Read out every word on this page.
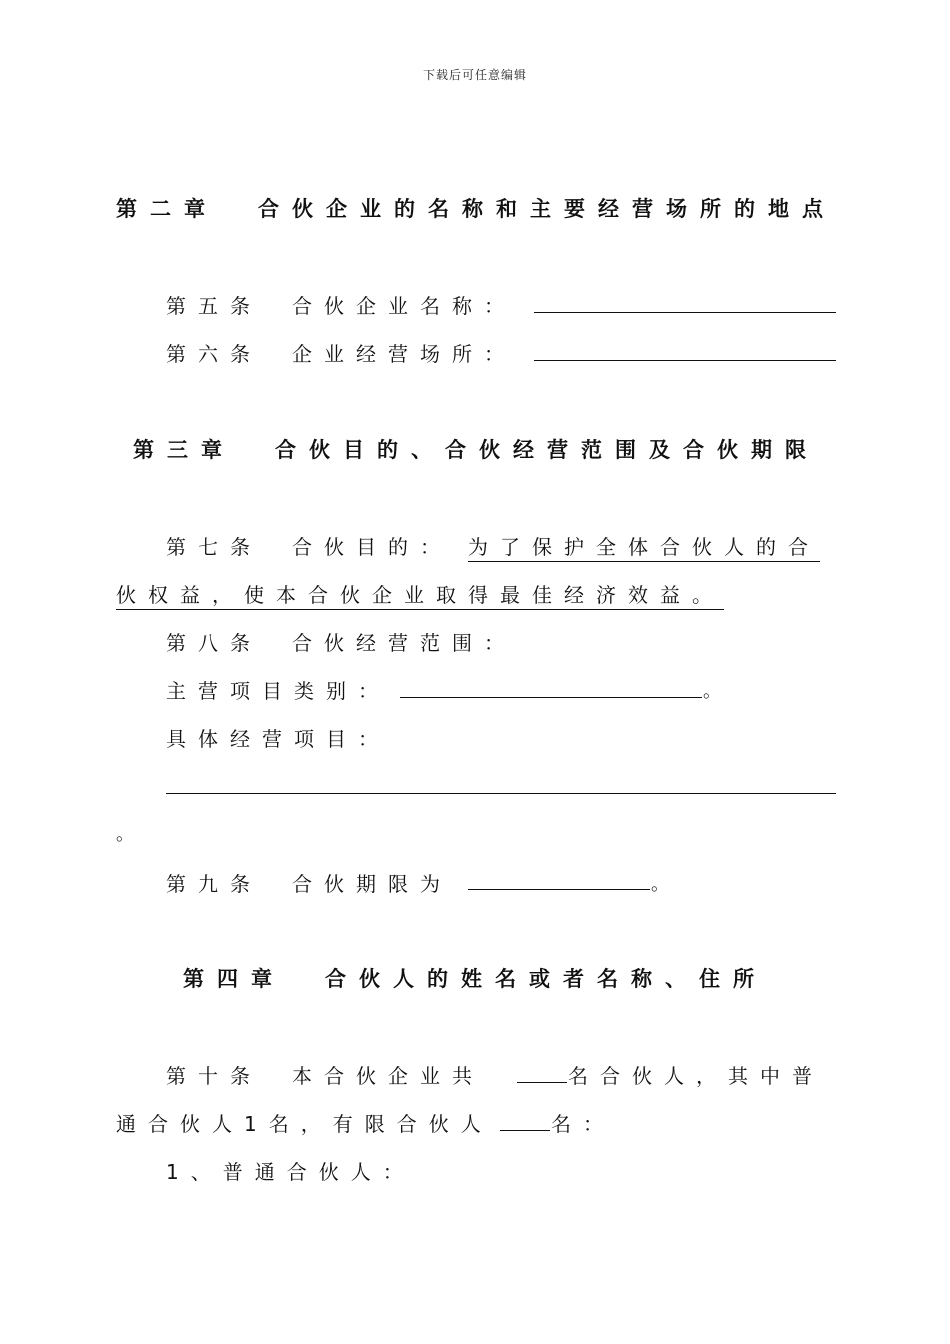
下载后可任意编辑
第二章 合伙企业的名称和主要经营场所的地点
第五条 合伙企业名称：
第六条 企业经营场所：
第三章 合伙目的、合伙经营范围及合伙期限
第七条 合伙目的： 为了保护全体合伙人的合
伙权益，使本合伙企业取得最佳经济效益。
第八条 合伙经营范围：
主营项目类别：	。
具体经营项目：
。
第九条 合伙期限为	。
第四章 合伙人的姓名或者名称、住所
第十条 本合伙企业共	名合伙人，其中普
通合伙人1名，有限合伙人	名：
1、普通合伙人：
